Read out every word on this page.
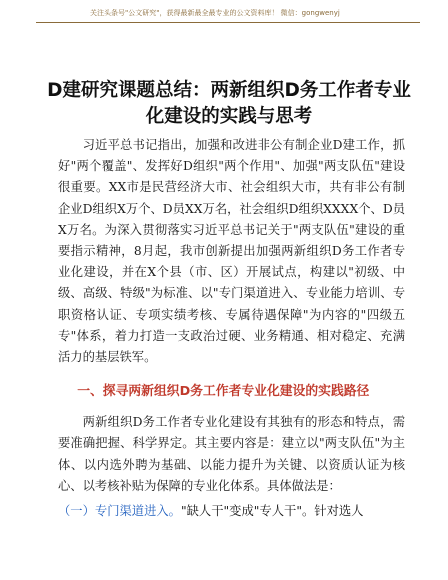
关注头条号"公文研究"，获得最新最全最专业的公文资料库！ 微信：gongwenyj
D建研究课题总结：两新组织D务工作者专业化建设的实践与思考

习近平总书记指出，加强和改进非公有制企业D建工作，抓好"两个覆盖"、发挥好D组织"两个作用"、加强"两支队伍"建设很重要。XX市是民营经济大市、社会组织大市，共有非公有制企业D组织X万个、D员XX万名，社会组织D组织XXXX个、D员X万名。为深入贯彻落实习近平总书记关于"两支队伍"建设的重要指示精神，8月起，我市创新提出加强两新组织D务工作者专业化建设，并在X个县（市、区）开展试点，构建以"初级、中级、高级、特级"为标准、以"专门渠道进入、专业能力培训、专职资格认证、专项实绩考核、专属待遇保障"为内容的"四级五专"体系，着力打造一支政治过硬、业务精通、相对稳定、充满活力的基层铁军。

一、探寻两新组织D务工作者专业化建设的实践路径

两新组织D务工作者专业化建设有其独有的形态和特点，需要准确把握、科学界定。其主要内容是：建立以"两支队伍"为主体、以内选外聘为基础、以能力提升为关键、以资质认证为核心、以考核补贴为保障的专业化体系。具体做法是：

（一）专门渠道进入。"缺人干"变成"专人干"。针对选人
